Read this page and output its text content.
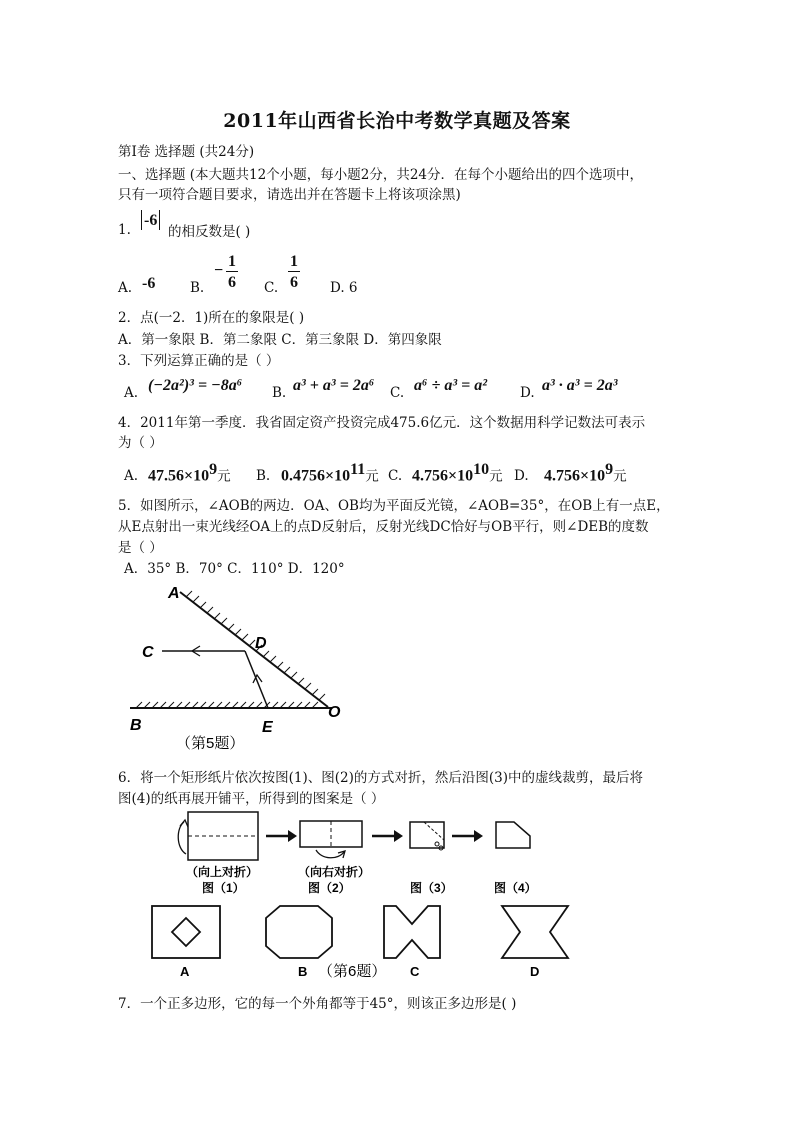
2011年山西省长治中考数学真题及答案
第Ⅰ卷 选择题 (共24分)
一、选择题 (本大题共12个小题，每小题2分，共24分．在每个小题给出的四个选项中，
只有一项符合题目要求，请选出并在答题卡上将该项涂黑)
1.
-6
的相反数是( )
A. -6	B.
−
1
6 C.
1
6 D. 6
2．点(一2．1)所在的象限是( )
A．第一象限 B．第二象限 C．第三象限 D．第四象限
3．下列运算正确的是（ ）
A. (−2a²)³ = −8a⁶ B. a³ + a³ = 2a⁶ C. a⁶ ÷ a³ = a² D. a³ · a³ = 2a³
4．2011年第一季度．我省固定资产投资完成475.6亿元．这个数据用科学记数法可表示
为（ ）
A. $47.56\times 10^9$元 B. $0.4756\times 10^{11}$元 C. $4.756\times 10^{10}$元 D. $4.756\times 10^9$元
5．如图所示，∠AOB的两边．OA、OB均为平面反光镜，∠AOB=35°，在OB上有一点E，
从E点射出一束光线经OA上的点D反射后，反射光线DC恰好与OB平行，则∠DEB的度数
是（ ）
A．35° B．70° C．110° D．120°
A
C
D
B	E
O
（第5题）
6．将一个矩形纸片依次按图(1)、图(2)的方式对折，然后沿图(3)中的虚线裁剪，最后将
图(4)的纸再展开铺平，所得到的图案是（ ）
（向上对折）	（向右对折）
图（1）	图（2）	图（3）	图（4）
A	B	C	D
（第6题）
7．一个正多边形，它的每一个外角都等于45°，则该正多边形是( )
